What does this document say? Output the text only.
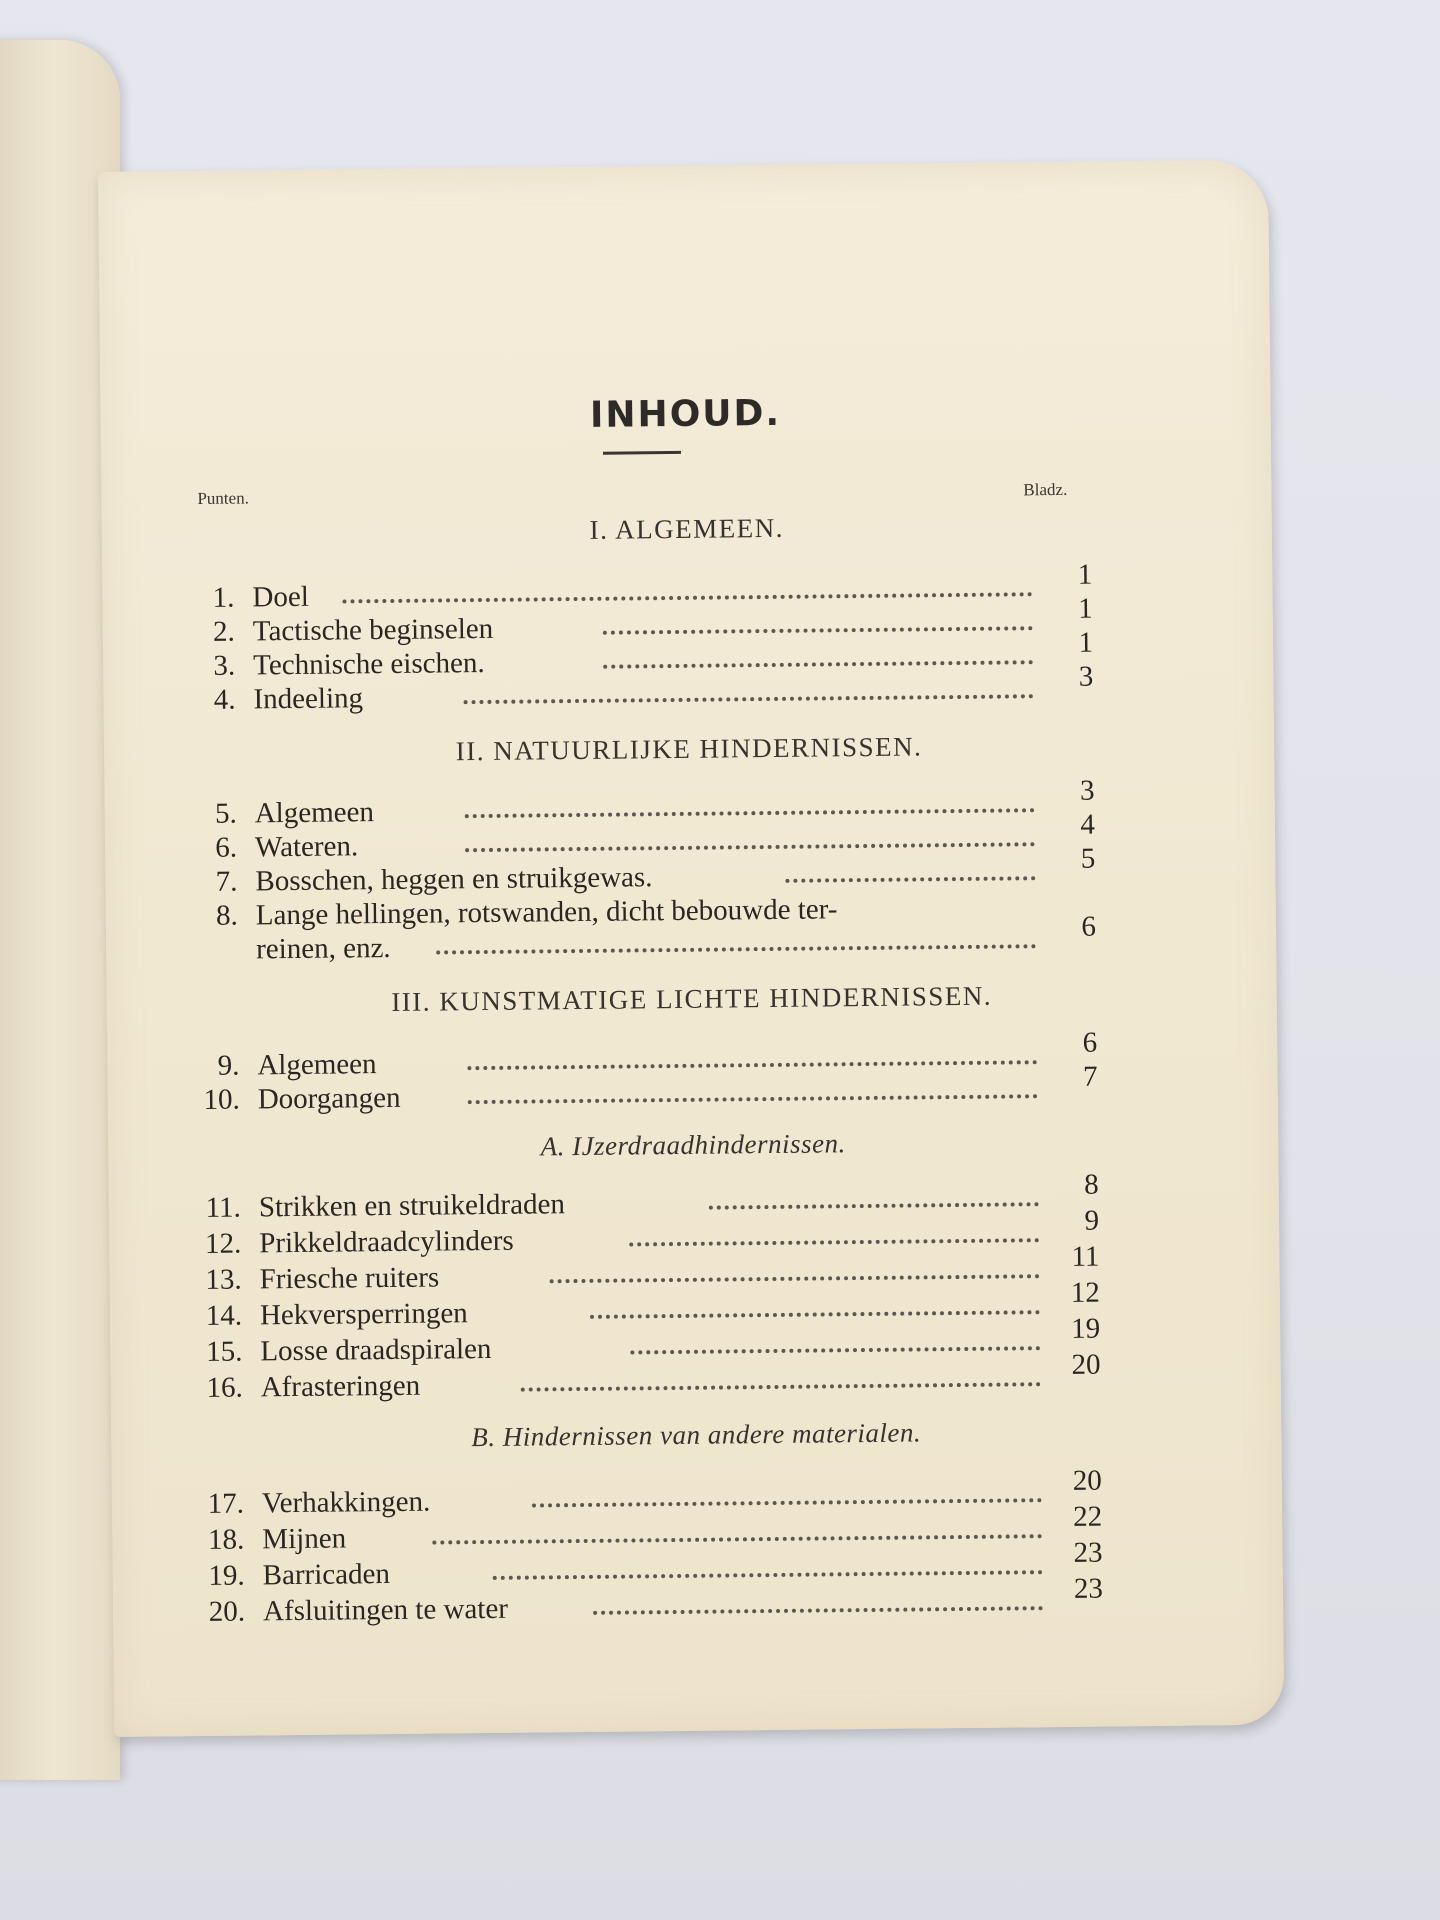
INHOUD.
Punten.	Bladz.
I. ALGEMEEN.
1. Doel
1
2. Tactische beginselen
1
3. Technische eischen.
1
4. Indeeling
3
II. NATUURLIJKE HINDERNISSEN.
5. Algemeen
3
6. Wateren.
4
7. Bosschen, heggen en struikgewas.
5
8. Lange hellingen, rotswanden, dicht bebouwde ter-
reinen, enz.
6
III. KUNSTMATIGE LICHTE HINDERNISSEN.
9. Algemeen
6
10. Doorgangen
7
A. IJzerdraadhindernissen.
11. Strikken en struikeldraden
8
12. Prikkeldraadcylinders
9
13. Friesche ruiters
11
14. Hekversperringen
12
15. Losse draadspiralen
19
16. Afrasteringen
20
B. Hindernissen van andere materialen.
17. Verhakkingen.
20
18. Mijnen
22
19. Barricaden
23
20. Afsluitingen te water
23
